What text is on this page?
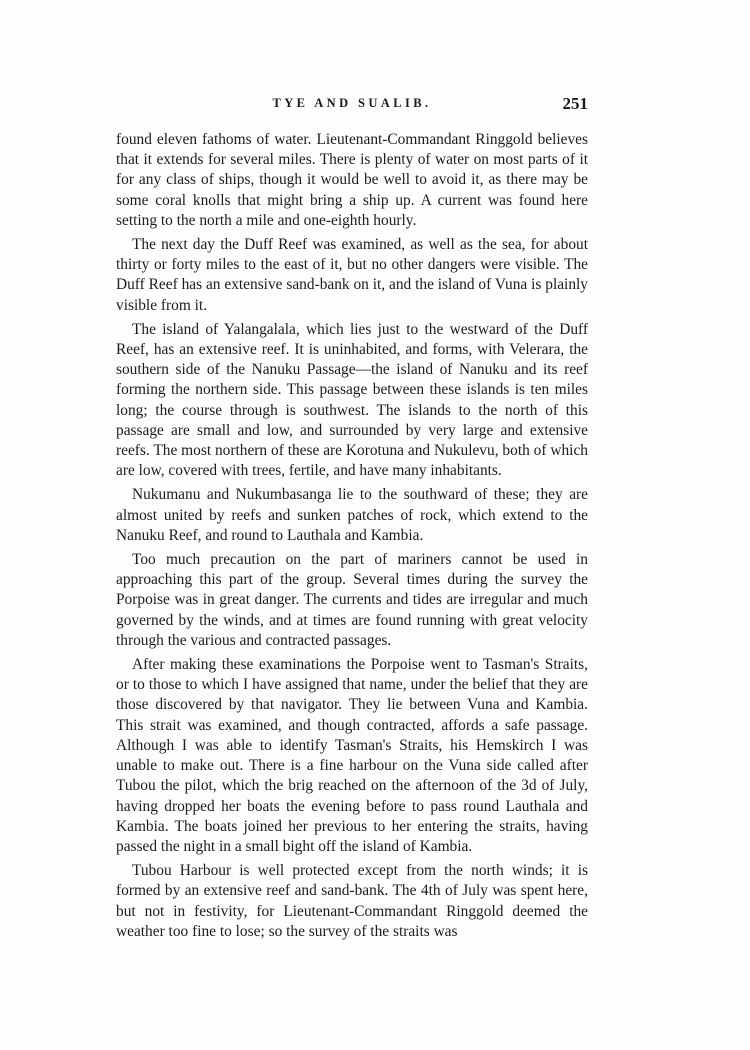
TYE AND SUALIB.	251

found eleven fathoms of water. Lieutenant-Commandant Ringgold believes that it extends for several miles. There is plenty of water on most parts of it for any class of ships, though it would be well to avoid it, as there may be some coral knolls that might bring a ship up. A current was found here setting to the north a mile and one-eighth hourly.

The next day the Duff Reef was examined, as well as the sea, for about thirty or forty miles to the east of it, but no other dangers were visible. The Duff Reef has an extensive sand-bank on it, and the island of Vuna is plainly visible from it.

The island of Yalangalala, which lies just to the westward of the Duff Reef, has an extensive reef. It is uninhabited, and forms, with Velerara, the southern side of the Nanuku Passage—the island of Nanuku and its reef forming the northern side. This passage between these islands is ten miles long; the course through is southwest. The islands to the north of this passage are small and low, and surrounded by very large and extensive reefs. The most northern of these are Korotuna and Nukulevu, both of which are low, covered with trees, fertile, and have many inhabitants.

Nukumanu and Nukumbasanga lie to the southward of these; they are almost united by reefs and sunken patches of rock, which extend to the Nanuku Reef, and round to Lauthala and Kambia.

Too much precaution on the part of mariners cannot be used in approaching this part of the group. Several times during the survey the Porpoise was in great danger. The currents and tides are irregular and much governed by the winds, and at times are found running with great velocity through the various and contracted passages.

After making these examinations the Porpoise went to Tasman's Straits, or to those to which I have assigned that name, under the belief that they are those discovered by that navigator. They lie between Vuna and Kambia. This strait was examined, and though contracted, affords a safe passage. Although I was able to identify Tasman's Straits, his Hemskirch I was unable to make out. There is a fine harbour on the Vuna side called after Tubou the pilot, which the brig reached on the afternoon of the 3d of July, having dropped her boats the evening before to pass round Lauthala and Kambia. The boats joined her previous to her entering the straits, having passed the night in a small bight off the island of Kambia.

Tubou Harbour is well protected except from the north winds; it is formed by an extensive reef and sand-bank. The 4th of July was spent here, but not in festivity, for Lieutenant-Commandant Ringgold deemed the weather too fine to lose; so the survey of the straits was
